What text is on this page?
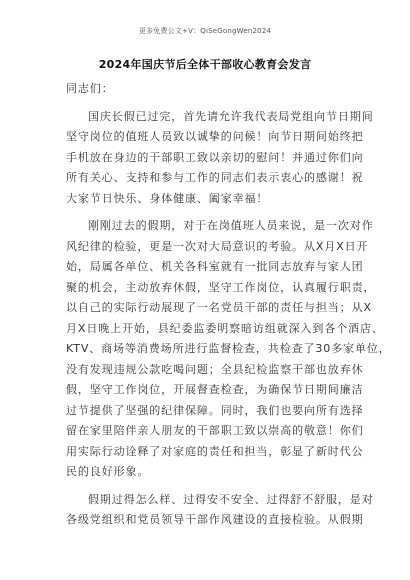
更多免费公文+V：QiSeGongWen2024
2024年国庆节后全体干部收心教育会发言
同志们：
国庆长假已过完，首先请允许我代表局党组向节日期间
坚守岗位的值班人员致以诚挚的问候！向节日期间始终把
手机放在身边的干部职工致以亲切的慰问！并通过你们向
所有关心、支持和参与工作的同志们表示衷心的感谢！祝
大家节日快乐、身体健康、阖家幸福！
刚刚过去的假期，对于在岗值班人员来说，是一次对作
风纪律的检验，更是一次对大局意识的考验。从X月X日开
始，局属各单位、机关各科室就有一批同志放弃与家人团
聚的机会，主动放弃休假，坚守工作岗位，认真履行职责，
以自己的实际行动展现了一名党员干部的责任与担当；从X
月X日晚上开始，县纪委监委明察暗访组就深入到各个酒店、
KTV、商场等消费场所进行监督检查，共检查了30多家单位，
没有发现违规公款吃喝问题；全县纪检监察干部也放弃休
假，坚守工作岗位，开展督查检查，为确保节日期间廉洁
过节提供了坚强的纪律保障。同时，我们也要向所有选择
留在家里陪伴亲人朋友的干部职工致以崇高的敬意！你们
用实际行动诠释了对家庭的责任和担当，彰显了新时代公
民的良好形象。
假期过得怎么样、过得安不安全、过得舒不舒服，是对
各级党组织和党员领导干部作风建设的直接检验。从假期
